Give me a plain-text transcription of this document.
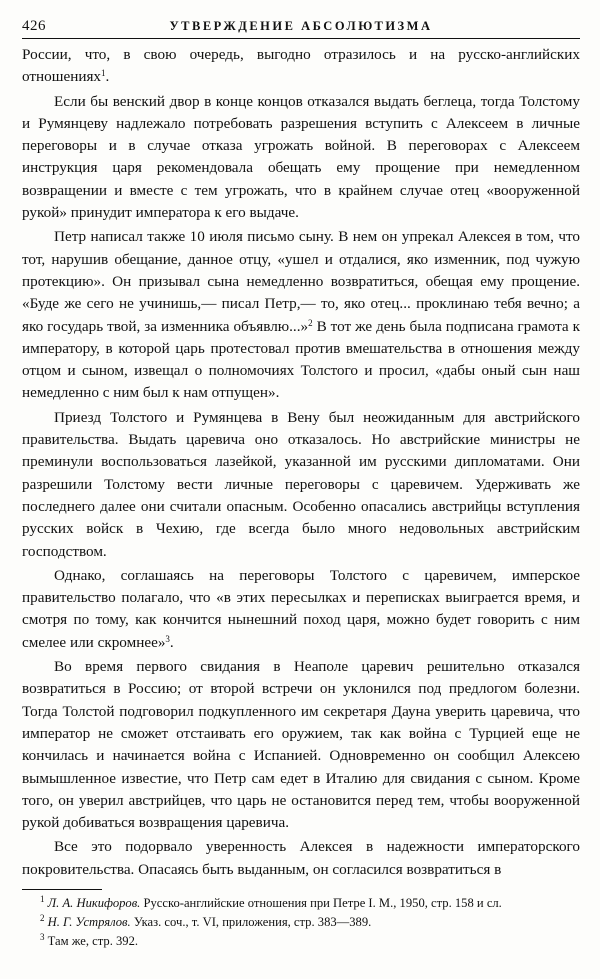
426	УТВЕРЖДЕНИЕ АБСОЛЮТИЗМА

России, что, в свою очередь, выгодно отразилось и на русско-английских отношениях$^1$.

Если бы венский двор в конце концов отказался выдать беглеца, тогда Толстому и Румянцеву надлежало потребовать разрешения вступить с Алексеем в личные переговоры и в случае отказа угрожать войной. В переговорах с Алексеем инструкция царя рекомендовала обещать ему прощение при немедленном возвращении и вместе с тем угрожать, что в крайнем случае отец «вооруженной рукой» принудит императора к его выдаче.

Петр написал также 10 июля письмо сыну. В нем он упрекал Алексея в том, что тот, нарушив обещание, данное отцу, «ушел и отдалися, яко изменник, под чужую протекцию». Он призывал сына немедленно возвратиться, обещая ему прощение. «Буде же сего не учинишь,— писал Петр,— то, яко отец... проклинаю тебя вечно; а яко государь твой, за изменника объявлю...»$^2$ В тот же день была подписана грамота к императору, в которой царь протестовал против вмешательства в отношения между отцом и сыном, извещал о полномочиях Толстого и просил, «дабы оный сын наш немедленно с ним был к нам отпущен».

Приезд Толстого и Румянцева в Вену был неожиданным для австрийского правительства. Выдать царевича оно отказалось. Но австрийские министры не преминули воспользоваться лазейкой, указанной им русскими дипломатами. Они разрешили Толстому вести личные переговоры с царевичем. Удерживать же последнего далее они считали опасным. Особенно опасались австрийцы вступления русских войск в Чехию, где всегда было много недовольных австрийским господством.

Однако, соглашаясь на переговоры Толстого с царевичем, имперское правительство полагало, что «в этих пересылках и переписках выиграется время, и смотря по тому, как кончится нынешний поход царя, можно будет говорить с ним смелее или скромнее»$^3$.

Во время первого свидания в Неаполе царевич решительно отказался возвратиться в Россию; от второй встречи он уклонился под предлогом болезни. Тогда Толстой подговорил подкупленного им секретаря Дауна уверить царевича, что император не сможет отстаивать его оружием, так как война с Турцией еще не кончилась и начинается война с Испанией. Одновременно он сообщил Алексею вымышленное известие, что Петр сам едет в Италию для свидания с сыном. Кроме того, он уверил австрийцев, что царь не остановится перед тем, чтобы вооруженной рукой добиваться возвращения царевича.

Все это подорвало уверенность Алексея в надежности императорского покровительства. Опасаясь быть выданным, он согласился возвратиться в

$^1$ Л. А. Никифоров. Русско-английские отношения при Петре I. М., 1950, стр. 158 и сл.

$^2$ Н. Г. Устрялов. Указ. соч., т. VI, приложения, стр. 383—389.

$^3$ Там же, стр. 392.
